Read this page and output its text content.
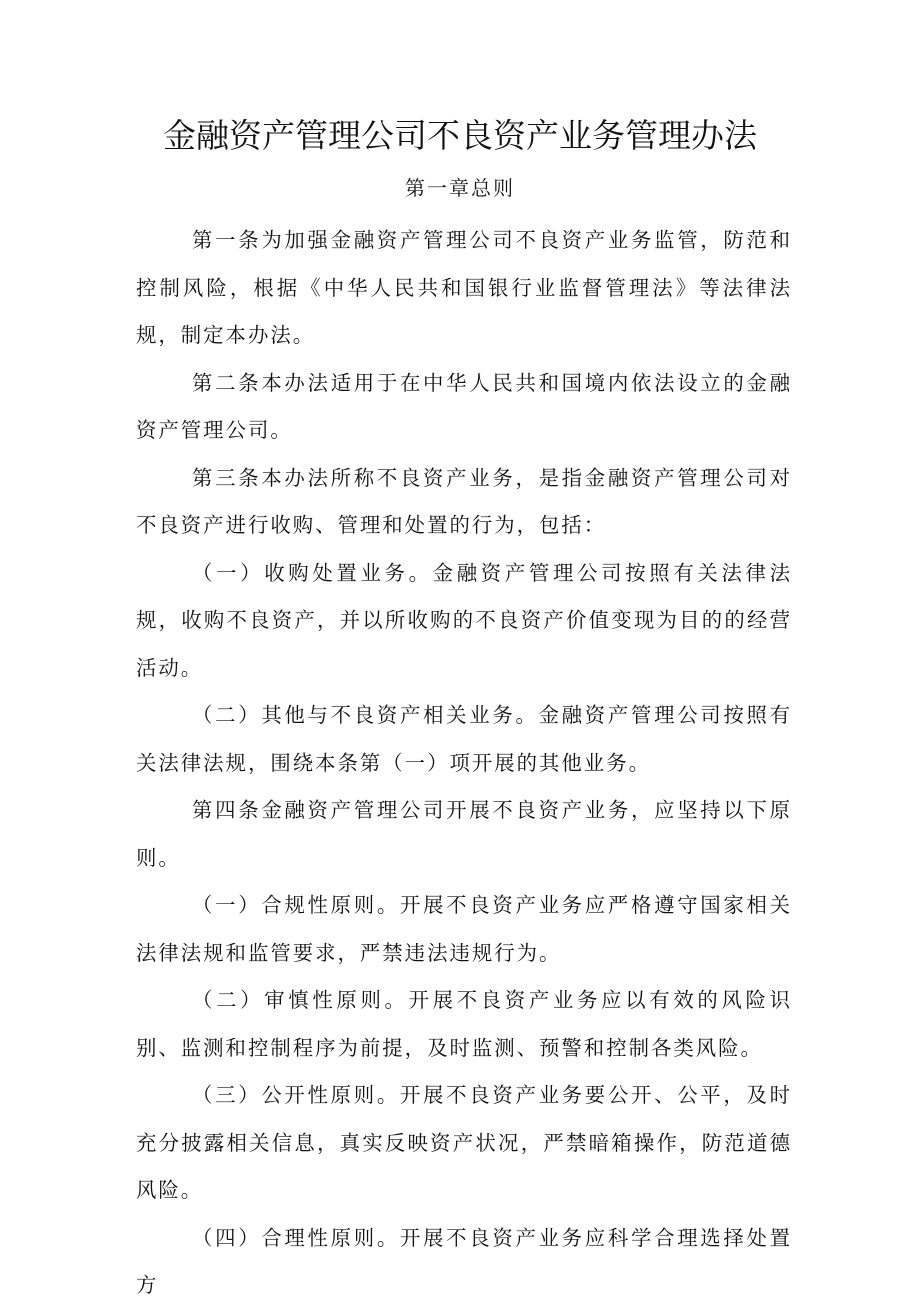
金融资产管理公司不良资产业务管理办法
第一章总则

第一条为加强金融资产管理公司不良资产业务监管，防范和控制风险，根据《中华人民共和国银行业监督管理法》等法律法规，制定本办法。

第二条本办法适用于在中华人民共和国境内依法设立的金融资产管理公司。

第三条本办法所称不良资产业务，是指金融资产管理公司对不良资产进行收购、管理和处置的行为，包括：

（一）收购处置业务。金融资产管理公司按照有关法律法规，收购不良资产，并以所收购的不良资产价值变现为目的的经营活动。

（二）其他与不良资产相关业务。金融资产管理公司按照有关法律法规，围绕本条第（一）项开展的其他业务。

第四条金融资产管理公司开展不良资产业务，应坚持以下原则。

（一）合规性原则。开展不良资产业务应严格遵守国家相关法律法规和监管要求，严禁违法违规行为。

（二）审慎性原则。开展不良资产业务应以有效的风险识别、监测和控制程序为前提，及时监测、预警和控制各类风险。

（三）公开性原则。开展不良资产业务要公开、公平，及时充分披露相关信息，真实反映资产状况，严禁暗箱操作，防范道德风险。

（四）合理性原则。开展不良资产业务应科学合理选择处置方
